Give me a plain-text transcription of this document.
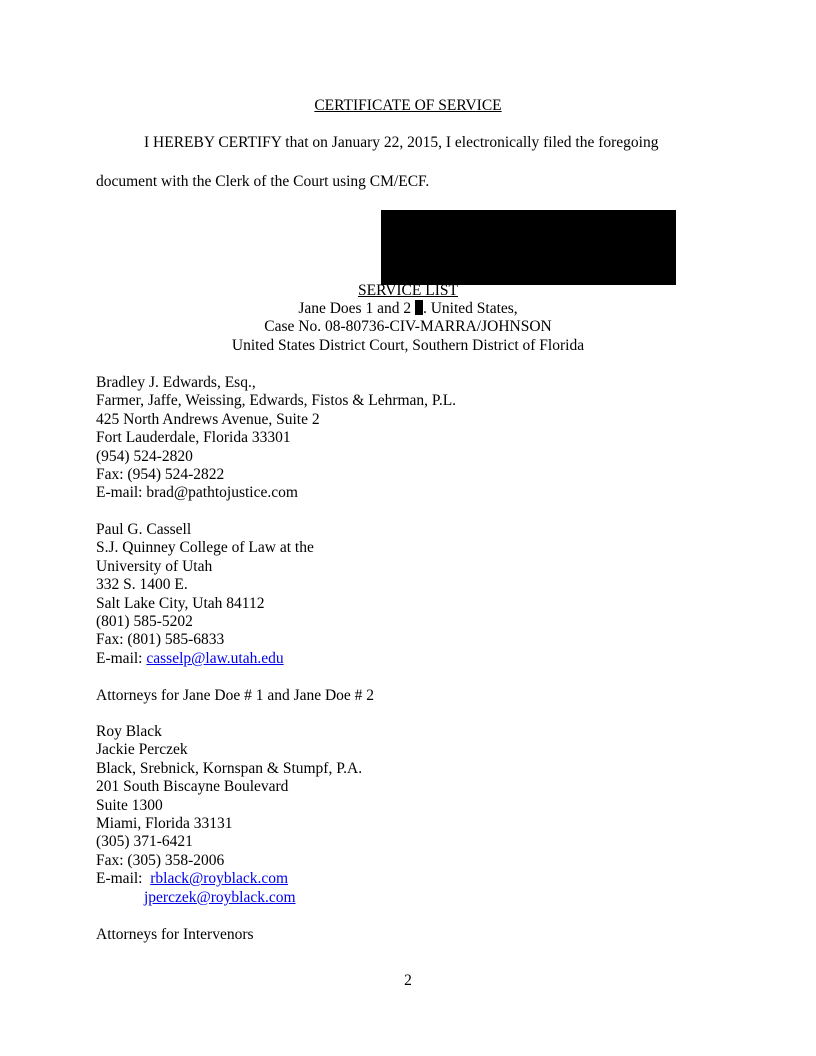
CERTIFICATE OF SERVICE
I HEREBY CERTIFY that on January 22, 2015, I electronically filed the foregoing
document with the Clerk of the Court using CM/ECF.
SERVICE LIST
Jane Does 1 and 2 . United States,
Case No. 08-80736-CIV-MARRA/JOHNSON
United States District Court, Southern District of Florida
Bradley J. Edwards, Esq.,
Farmer, Jaffe, Weissing, Edwards, Fistos & Lehrman, P.L.
425 North Andrews Avenue, Suite 2
Fort Lauderdale, Florida 33301
(954) 524-2820
Fax: (954) 524-2822
E-mail: brad@pathtojustice.com
Paul G. Cassell
S.J. Quinney College of Law at the
University of Utah
332 S. 1400 E.
Salt Lake City, Utah 84112
(801) 585-5202
Fax: (801) 585-6833
E-mail: casselp@law.utah.edu
Attorneys for Jane Doe # 1 and Jane Doe # 2
Roy Black
Jackie Perczek
Black, Srebnick, Kornspan & Stumpf, P.A.
201 South Biscayne Boulevard
Suite 1300
Miami, Florida 33131
(305) 371-6421
Fax: (305) 358-2006
E-mail:  rblack@royblack.com
jperczek@royblack.com
Attorneys for Intervenors
2
